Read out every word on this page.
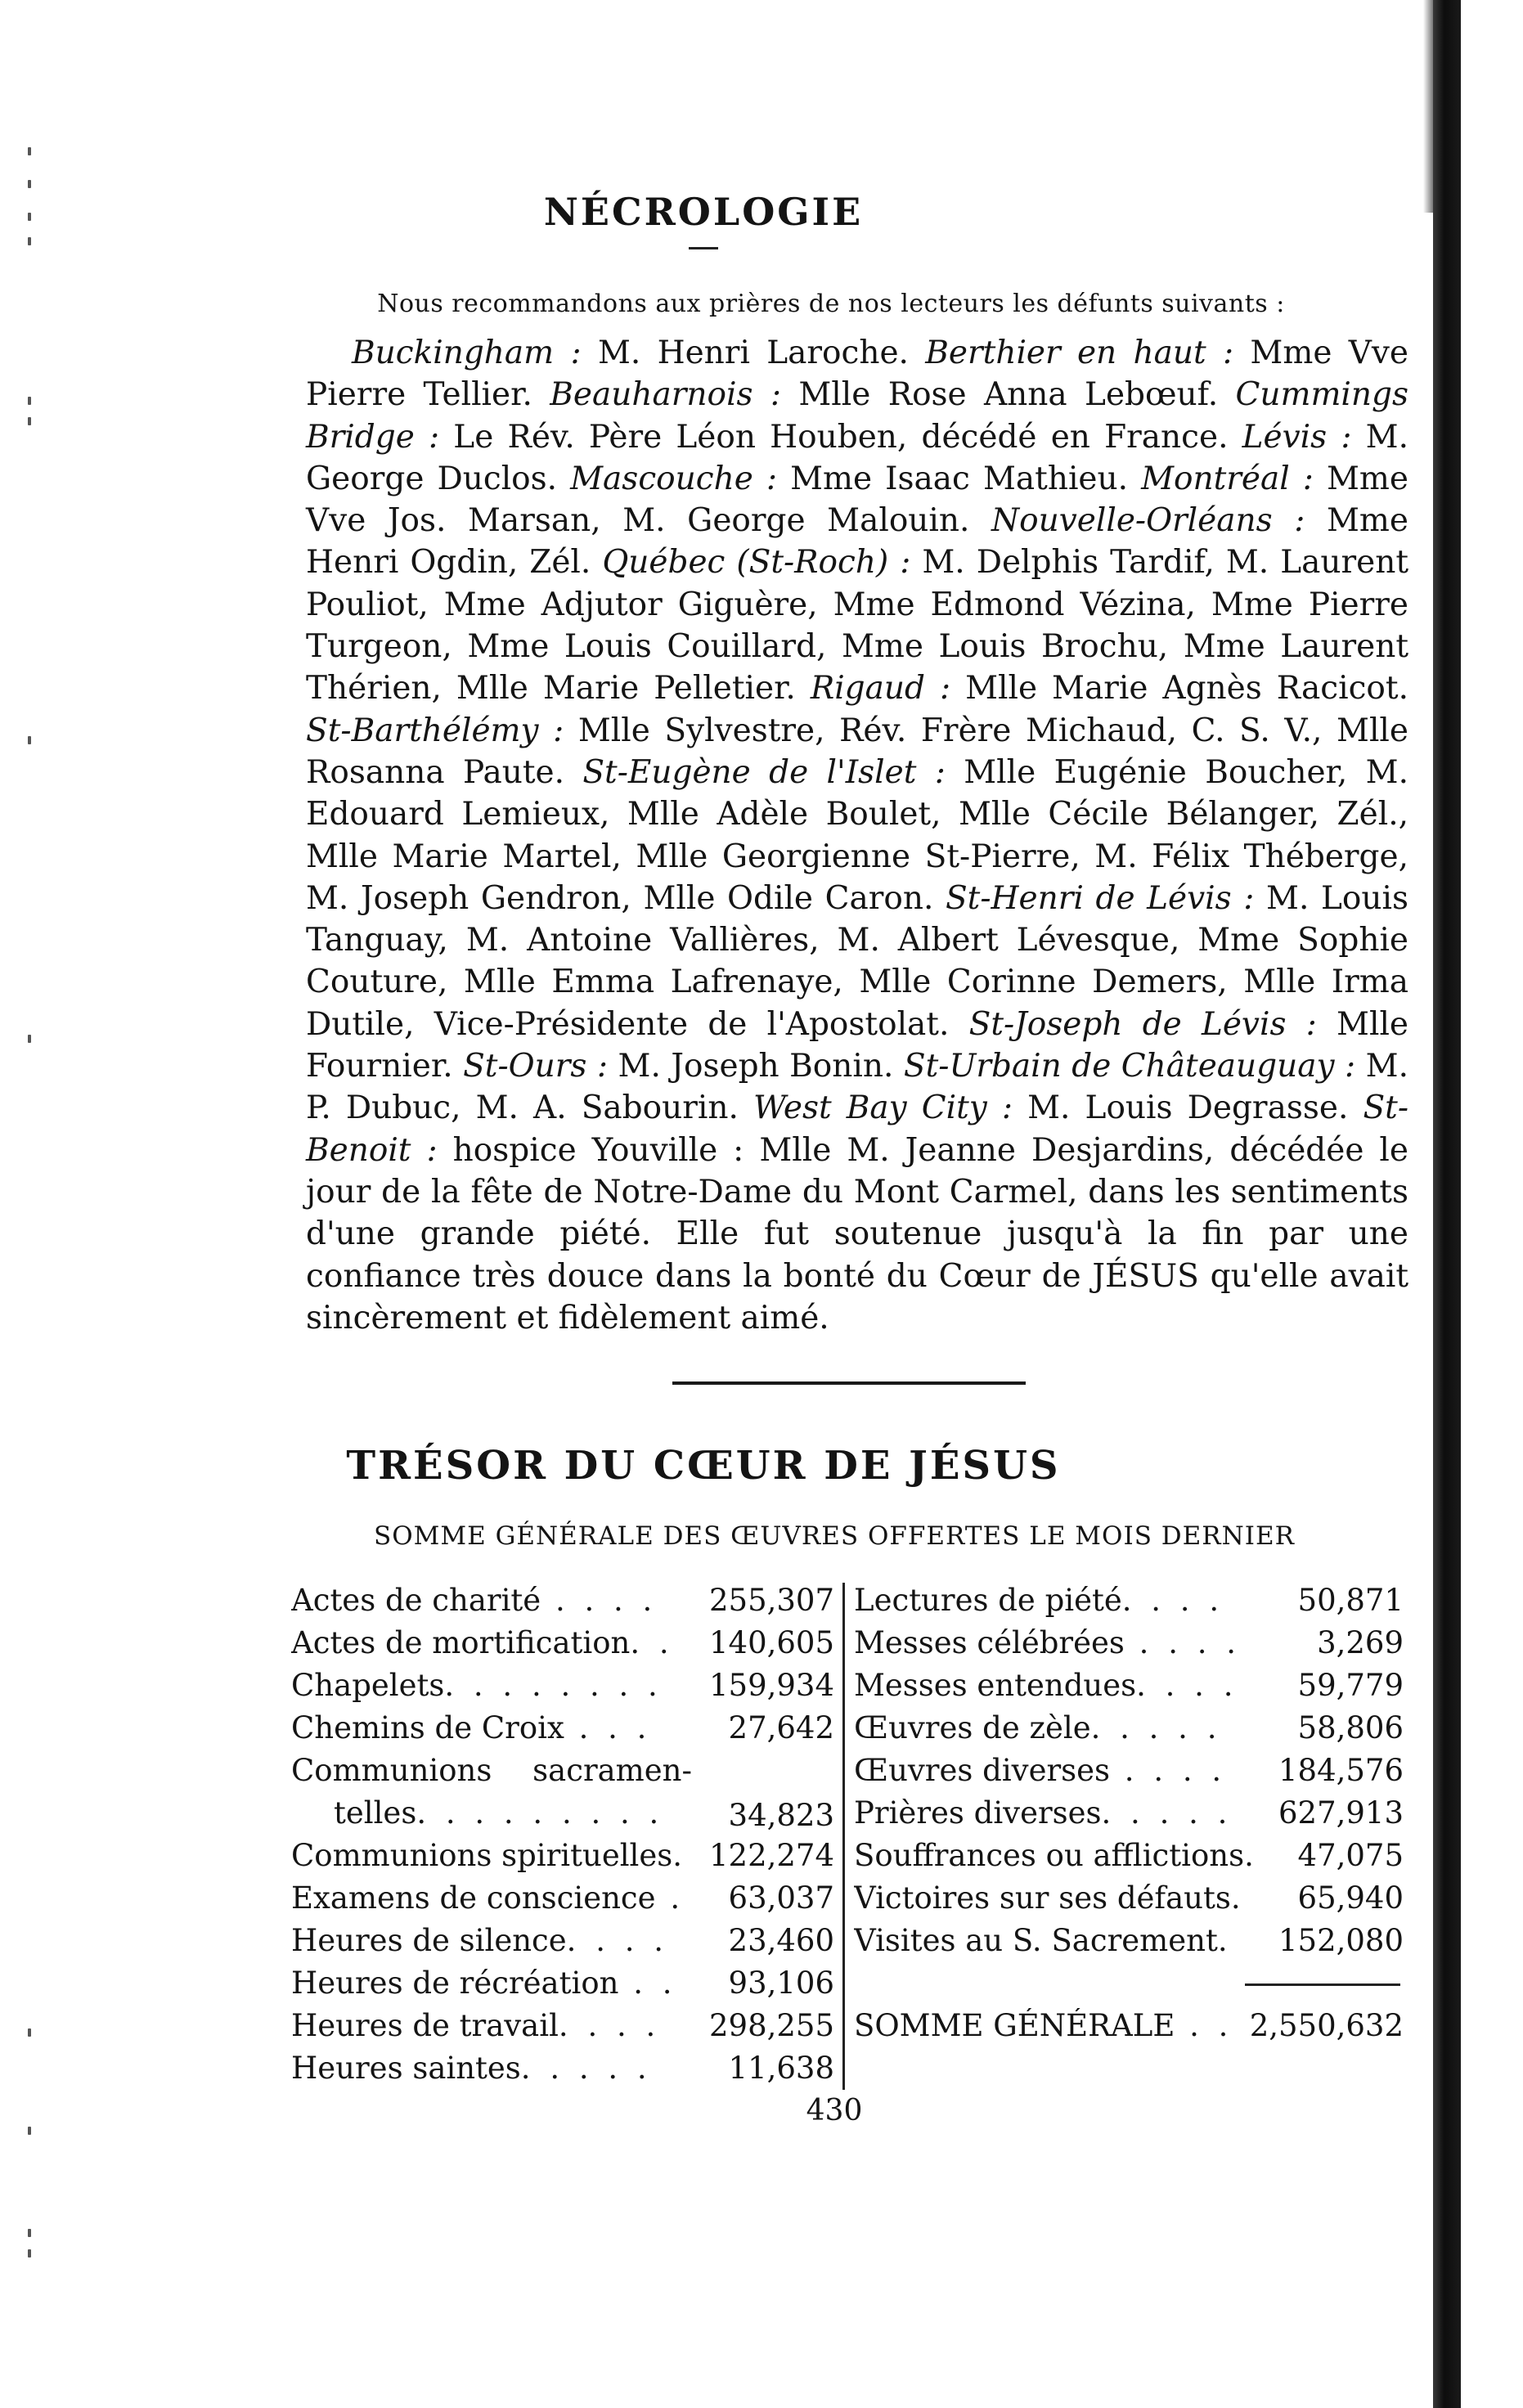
NÉCROLOGIE
Nous recommandons aux prières de nos lecteurs les défunts suivants :

Buckingham : M. Henri Laroche. Berthier en haut : Mme Vve Pierre Tellier. Beauharnois : Mlle Rose Anna Lebœuf. Cummings Bridge : Le Rév. Père Léon Houben, décédé en France. Lévis : M. George Duclos. Mascouche : Mme Isaac Mathieu. Montréal : Mme Vve Jos. Marsan, M. George Malouin. Nouvelle-Orléans : Mme Henri Ogdin, Zél. Québec (St-Roch) : M. Delphis Tardif, M. Laurent Pouliot, Mme Adjutor Giguère, Mme Edmond Vézina, Mme Pierre Turgeon, Mme Louis Couillard, Mme Louis Brochu, Mme Laurent Thérien, Mlle Marie Pelletier. Rigaud : Mlle Marie Agnès Racicot. St-Barthélémy : Mlle Sylvestre, Rév. Frère Michaud, C. S. V., Mlle Rosanna Paute. St-Eugène de l'Islet : Mlle Eugénie Boucher, M. Edouard Lemieux, Mlle Adèle Boulet, Mlle Cécile Bélanger, Zél., Mlle Marie Martel, Mlle Georgienne St-Pierre, M. Félix Théberge, M. Joseph Gendron, Mlle Odile Caron. St-Henri de Lévis : M. Louis Tanguay, M. Antoine Vallières, M. Albert Lévesque, Mme Sophie Couture, Mlle Emma Lafrenaye, Mlle Corinne Demers, Mlle Irma Dutile, Vice-Présidente de l'Apostolat. St-Joseph de Lévis : Mlle Fournier. St-Ours : M. Joseph Bonin. St-Urbain de Châteauguay : M. P. Dubuc, M. A. Sabourin. West Bay City : M. Louis Degrasse. St-Benoit : hospice Youville : Mlle M. Jeanne Desjardins, décédée le jour de la fête de Notre-Dame du Mont Carmel, dans les sentiments d'une grande piété. Elle fut soutenue jusqu'à la fin par une confiance très douce dans la bonté du Cœur de JÉSUS qu'elle avait sincèrement et fidèlement aimé.

TRÉSOR DU CŒUR DE JÉSUS
SOMME GÉNÉRALE DES ŒUVRES OFFERTES LE MOIS DERNIER
Actes de charité . . . .	255,307
Actes de mortification. .	140,605
Chapelets. . . . . . . .	159,934
Chemins de Croix . . .	27,642
Communions sacramen-
telles. . . . . . . . .	34,823
Communions spirituelles. 122,274
Examens de conscience .	63,037
Heures de silence. . . .	23,460
Heures de récréation . .	93,106
Heures de travail. . . .	298,255
Heures saintes. . . . .	11,638
Lectures de piété. . . .	50,871
Messes célébrées . . . .	3,269
Messes entendues. . . .	59,779
Œuvres de zèle. . . . .	58,806
Œuvres diverses . . . .	184,576
Prières diverses. . . . .	627,913
Souffrances ou afflictions.	47,075
Victoires sur ses défauts.	65,940
Visites au S. Sacrement.	152,080
SOMME GÉNÉRALE . . 2,550,632
430
